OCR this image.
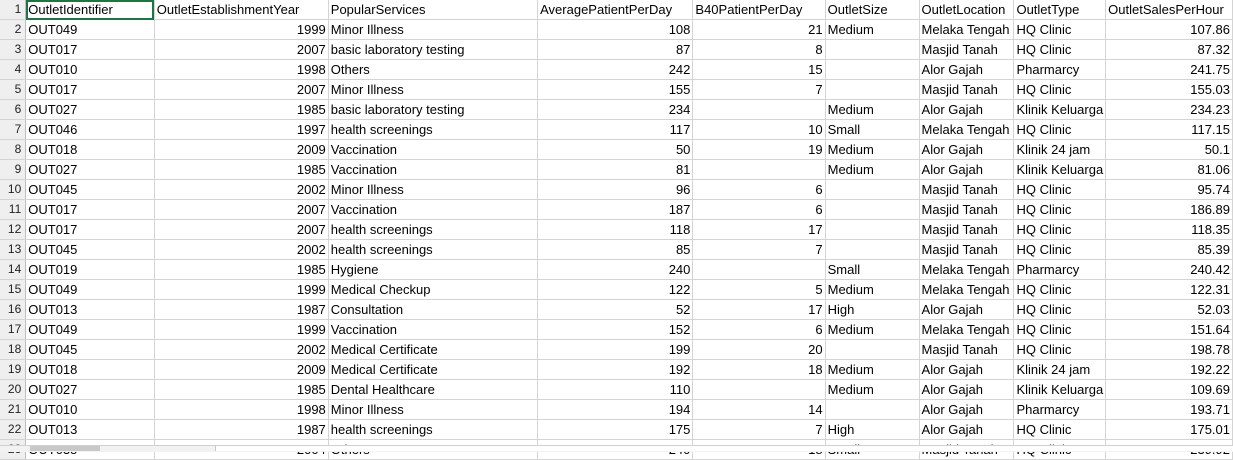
1	OutletIdentifier	OutletEstablishmentYear	PopularServices	AveragePatientPerDay	B40PatientPerDay	OutletSize	OutletLocation	OutletType	OutletSalesPerHour
2	OUT049	1999	Minor Illness	108	21	Medium	Melaka Tengah	HQ Clinic	107.86
3	OUT017	2007	basic laboratory testing	87	8		Masjid Tanah	HQ Clinic	87.32
4	OUT010	1998	Others	242	15		Alor Gajah	Pharmarcy	241.75
5	OUT017	2007	Minor Illness	155	7		Masjid Tanah	HQ Clinic	155.03
6	OUT027	1985	basic laboratory testing	234		Medium	Alor Gajah	Klinik Keluarga	234.23
7	OUT046	1997	health screenings	117	10	Small	Melaka Tengah	HQ Clinic	117.15
8	OUT018	2009	Vaccination	50	19	Medium	Alor Gajah	Klinik 24 jam	50.1
9	OUT027	1985	Vaccination	81		Medium	Alor Gajah	Klinik Keluarga	81.06
10	OUT045	2002	Minor Illness	96	6		Masjid Tanah	HQ Clinic	95.74
11	OUT017	2007	Vaccination	187	6		Masjid Tanah	HQ Clinic	186.89
12	OUT017	2007	health screenings	118	17		Masjid Tanah	HQ Clinic	118.35
13	OUT045	2002	health screenings	85	7		Masjid Tanah	HQ Clinic	85.39
14	OUT019	1985	Hygiene	240		Small	Melaka Tengah	Pharmarcy	240.42
15	OUT049	1999	Medical Checkup	122	5	Medium	Melaka Tengah	HQ Clinic	122.31
16	OUT013	1987	Consultation	52	17	High	Alor Gajah	HQ Clinic	52.03
17	OUT049	1999	Vaccination	152	6	Medium	Melaka Tengah	HQ Clinic	151.64
18	OUT045	2002	Medical Certificate	199	20		Masjid Tanah	HQ Clinic	198.78
19	OUT018	2009	Medical Certificate	192	18	Medium	Alor Gajah	Klinik 24 jam	192.22
20	OUT027	1985	Dental Healthcare	110		Medium	Alor Gajah	Klinik Keluarga	109.69
21	OUT010	1998	Minor Illness	194	14		Alor Gajah	Pharmarcy	193.71
22	OUT013	1987	health screenings	175	7	High	Alor Gajah	HQ Clinic	175.01
